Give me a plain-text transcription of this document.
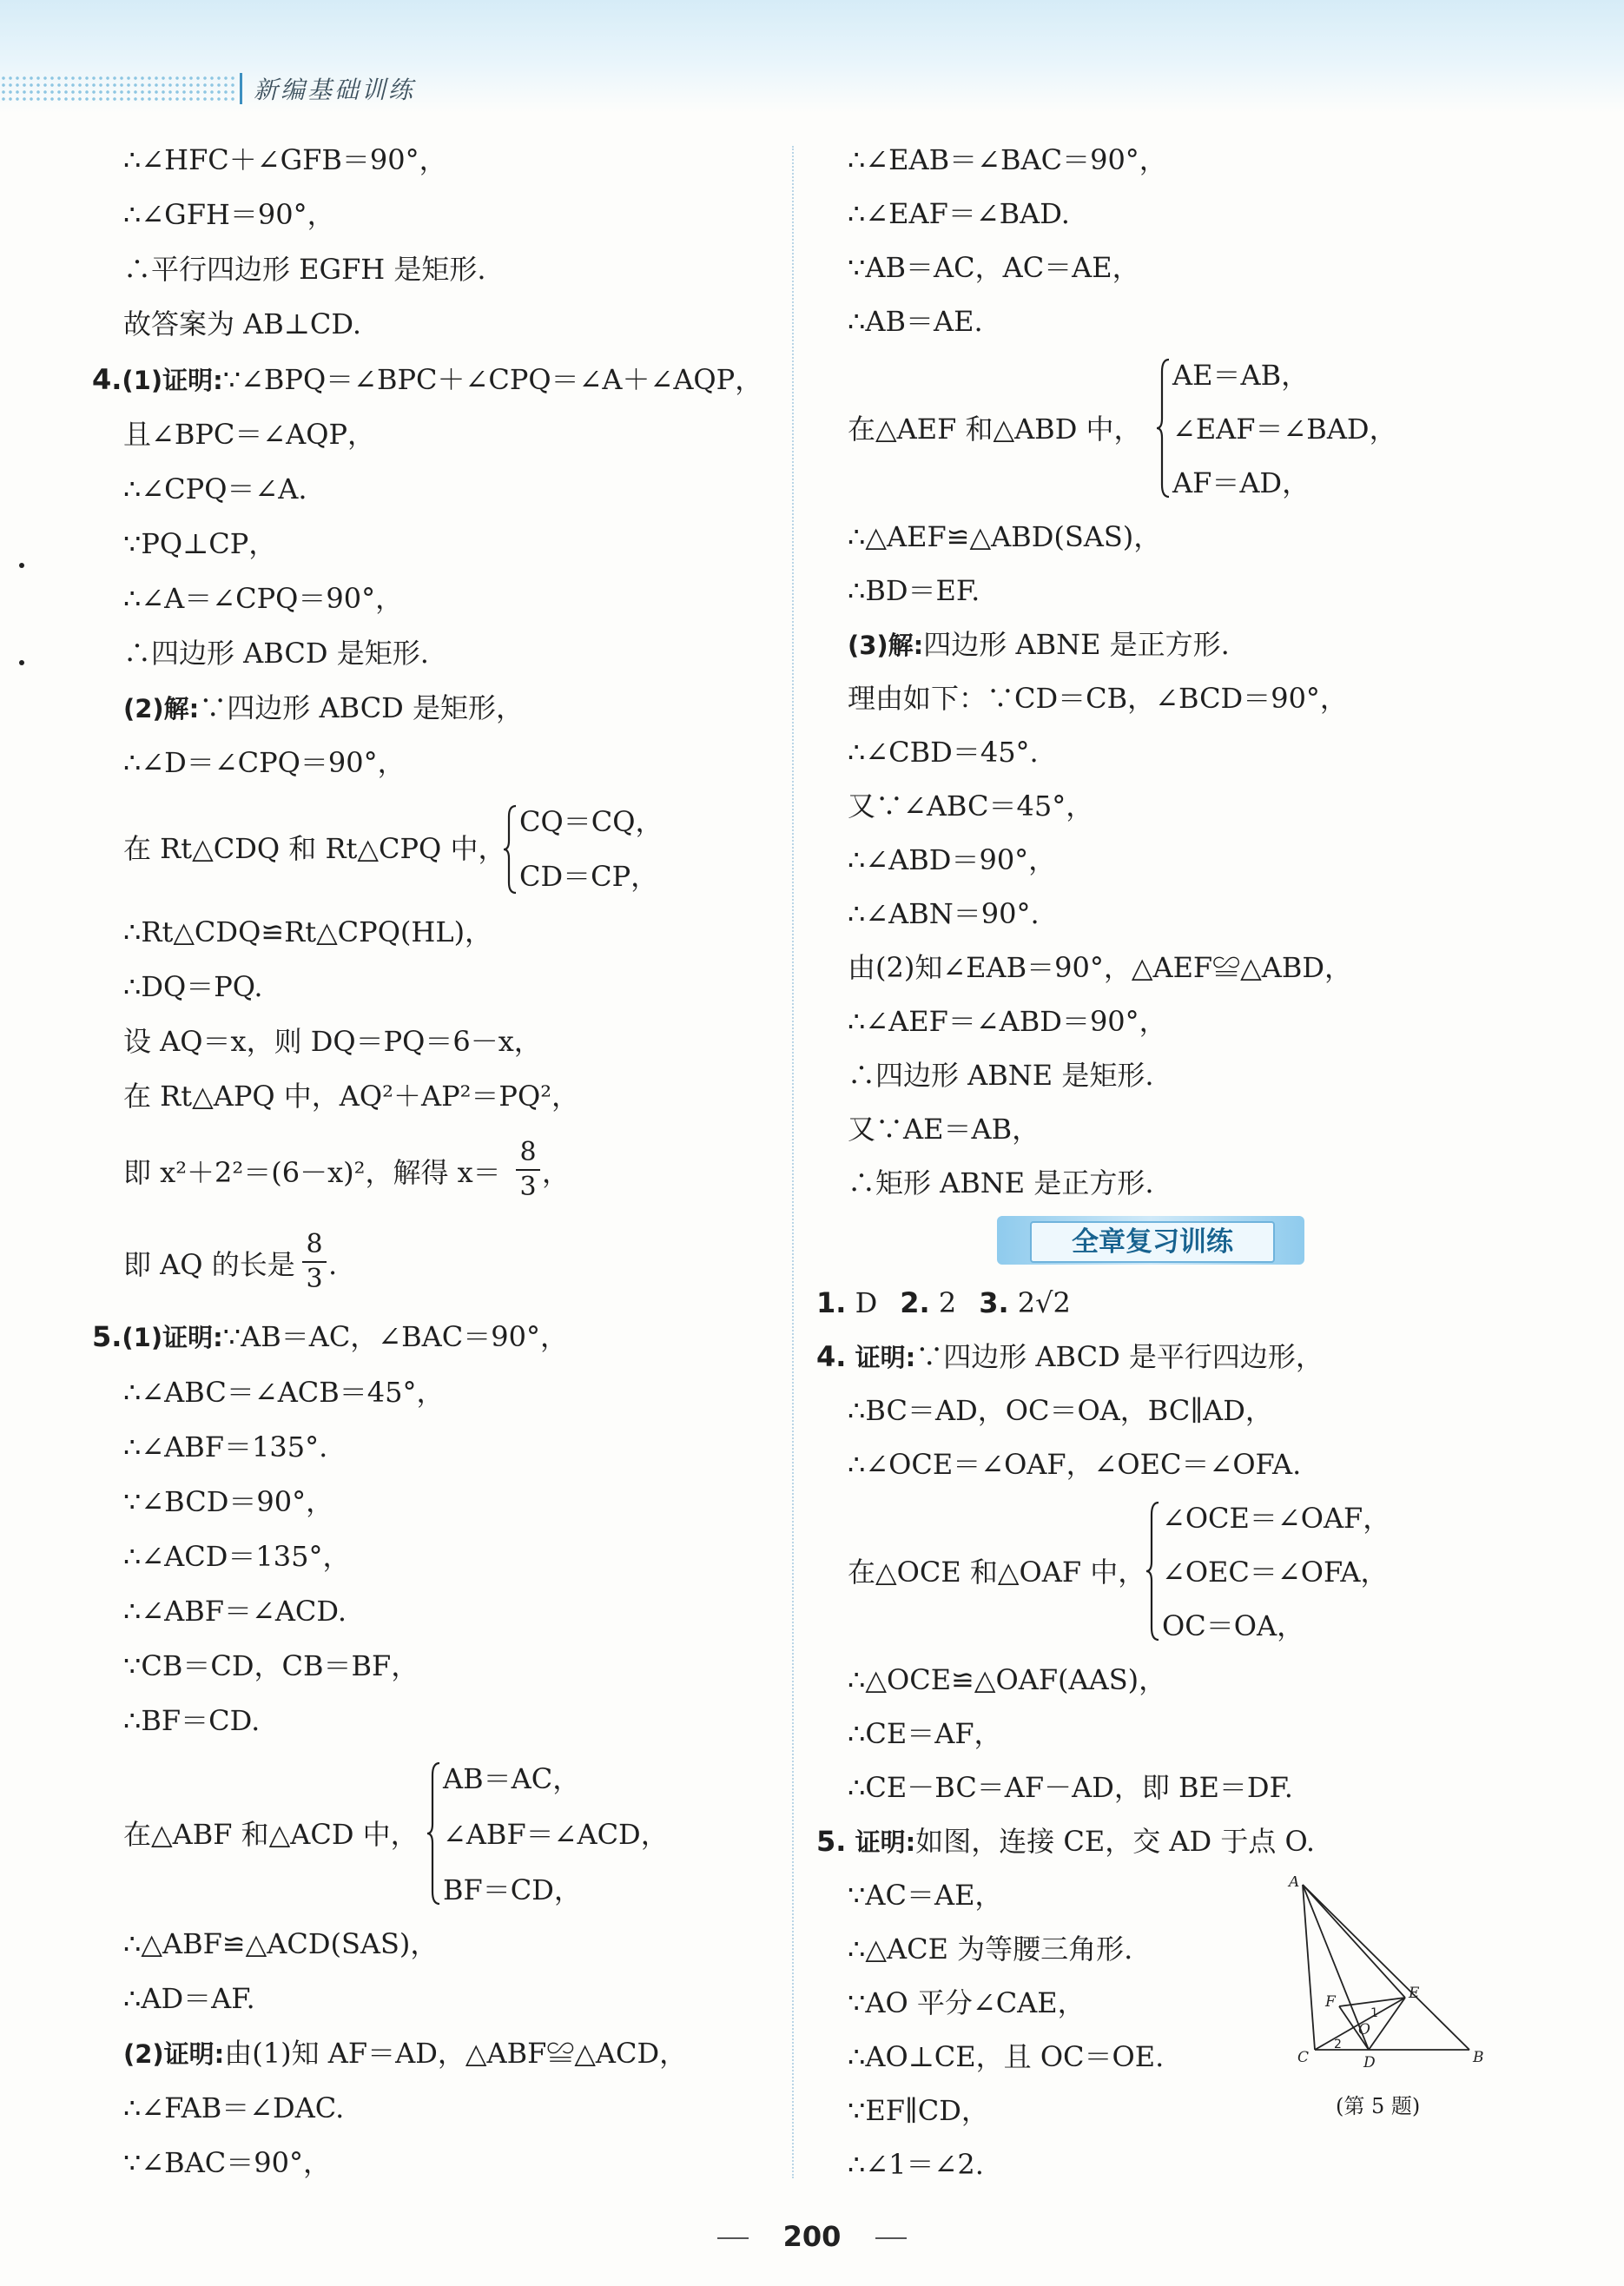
新编基础训练
∴∠HFC＋∠GFB＝90°，
∴∠GFH＝90°，
∴平行四边形 EGFH 是矩形.
故答案为 AB⊥CD.
4.(1)证明:∵∠BPQ＝∠BPC＋∠CPQ＝∠A＋∠AQP，
且∠BPC＝∠AQP，
∴∠CPQ＝∠A.
∵PQ⊥CP，
∴∠A＝∠CPQ＝90°，
∴四边形 ABCD 是矩形.
(2)解:∵四边形 ABCD 是矩形，
∴∠D＝∠CPQ＝90°，
在 Rt△CDQ 和 Rt△CPQ 中，
CQ＝CQ，
CD＝CP，
∴Rt△CDQ≌Rt△CPQ(HL)，
∴DQ＝PQ.
设 AQ＝x，则 DQ＝PQ＝6－x，
在 Rt△APQ 中，AQ²＋AP²＝PQ²，
即 x²＋2²＝(6－x)²，解得 x＝
8
3 ，
即 AQ 的长是
8
3 .
5.(1)证明:∵AB＝AC，∠BAC＝90°，
∴∠ABC＝∠ACB＝45°，
∴∠ABF＝135°.
∵∠BCD＝90°，
∴∠ACD＝135°，
∴∠ABF＝∠ACD.
∵CB＝CD，CB＝BF，
∴BF＝CD.
在△ABF 和△ACD 中，
AB＝AC，
∠ABF＝∠ACD，
BF＝CD，
∴△ABF≌△ACD(SAS)，
∴AD＝AF.
(2)证明:由(1)知 AF＝AD，△ABF≌△ACD，
∴∠FAB＝∠DAC.
∵∠BAC＝90°，
∴∠EAB＝∠BAC＝90°，
∴∠EAF＝∠BAD.
∵AB＝AC，AC＝AE，
∴AB＝AE.
在△AEF 和△ABD 中，
AE＝AB，
∠EAF＝∠BAD，
AF＝AD，
∴△AEF≌△ABD(SAS)，
∴BD＝EF.
(3)解:四边形 ABNE 是正方形.
理由如下：∵CD＝CB，∠BCD＝90°，
∴∠CBD＝45°.
又∵∠ABC＝45°，
∴∠ABD＝90°，
∴∠ABN＝90°.
由(2)知∠EAB＝90°，△AEF≌△ABD，
∴∠AEF＝∠ABD＝90°，
∴四边形 ABNE 是矩形.
又∵AE＝AB，
∴矩形 ABNE 是正方形.
全章复习训练
1. D 2. 2 3. 2√2
4. 证明:∵四边形 ABCD 是平行四边形，
∴BC＝AD，OC＝OA，BC∥AD，
∴∠OCE＝∠OAF，∠OEC＝∠OFA.
在△OCE 和△OAF 中，
∠OCE＝∠OAF，
∠OEC＝∠OFA，
OC＝OA，
∴△OCE≌△OAF(AAS)，
∴CE＝AF，
∴CE－BC＝AF－AD，即 BE＝DF.
5. 证明:如图，连接 CE，交 AD 于点 O.
∵AC＝AE，
∴△ACE 为等腰三角形.
∵AO 平分∠CAE，
∴AO⊥CE，且 OC＝OE.
∵EF∥CD，
∴∠1＝∠2.
A
C	B
D
E
F
O
1
2
(第 5 题)
200
